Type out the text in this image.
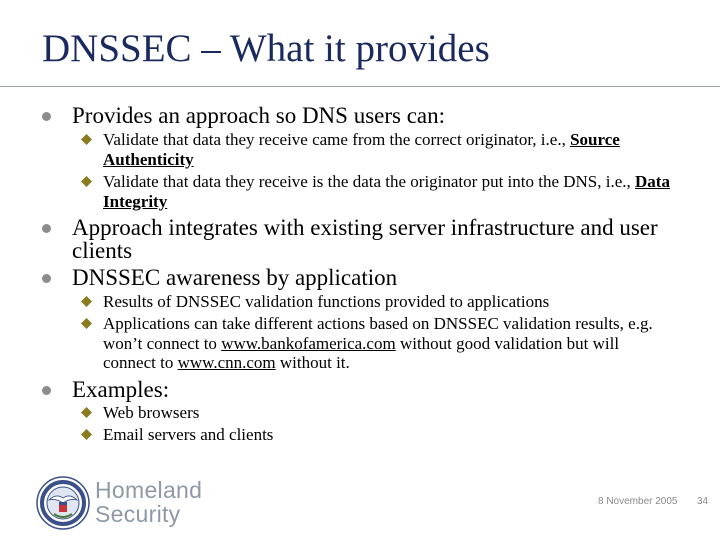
DNSSEC – What it provides
Provides an approach so DNS users can:
Validate that data they receive came from the correct originator, i.e., Source Authenticity
Validate that data they receive is the data the originator put into the DNS, i.e., Data Integrity
Approach integrates with existing server infrastructure and user clients
DNSSEC awareness by application
Results of DNSSEC validation functions provided to applications
Applications can take different actions based on DNSSEC validation results, e.g. won’t connect to www.bankofamerica.com without good validation but will connect to www.cnn.com without it.
Examples:
Web browsers
Email servers and clients
Homeland
Security	8 November 2005 34
